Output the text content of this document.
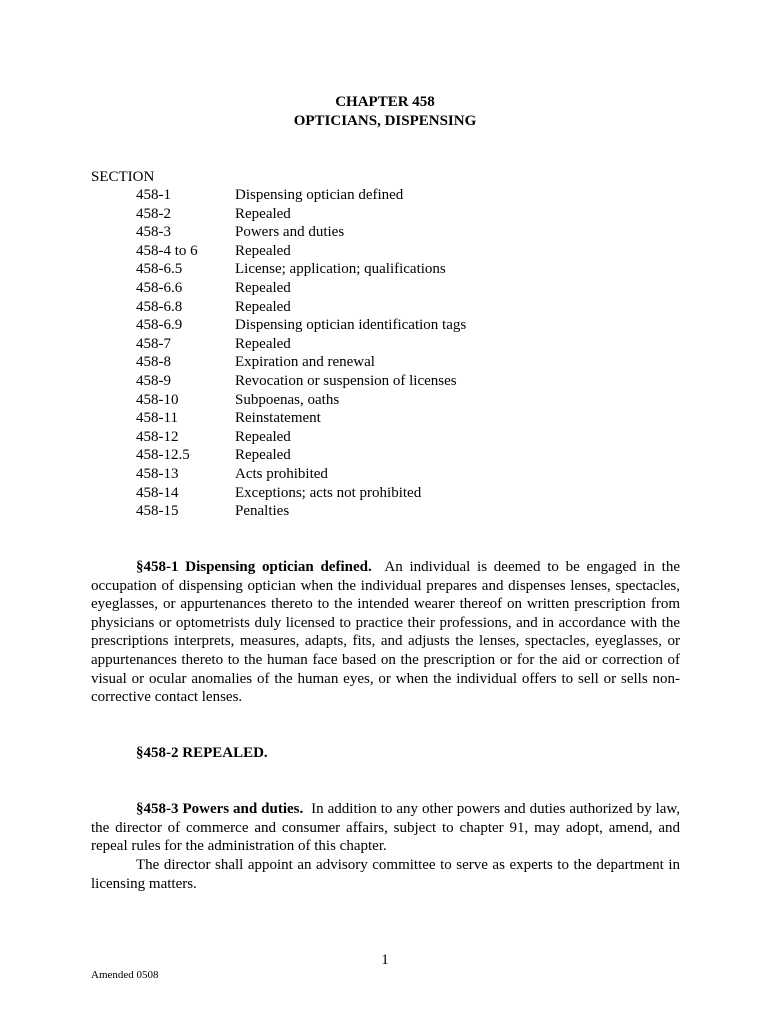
CHAPTER 458
OPTICIANS, DISPENSING
SECTION
458-1	Dispensing optician defined
458-2	Repealed
458-3	Powers and duties
458-4 to 6	Repealed
458-6.5	License; application; qualifications
458-6.6	Repealed
458-6.8	Repealed
458-6.9	Dispensing optician identification tags
458-7	Repealed
458-8	Expiration and renewal
458-9	Revocation or suspension of licenses
458-10	Subpoenas, oaths
458-11	Reinstatement
458-12	Repealed
458-12.5	Repealed
458-13	Acts prohibited
458-14	Exceptions; acts not prohibited
458-15	Penalties

§458-1 Dispensing optician defined. An individual is deemed to be engaged in the occupation of dispensing optician when the individual prepares and dispenses lenses, spectacles, eyeglasses, or appurtenances thereto to the intended wearer thereof on written prescription from physicians or optometrists duly licensed to practice their professions, and in accordance with the prescriptions interprets, measures, adapts, fits, and adjusts the lenses, spectacles, eyeglasses, or appurtenances thereto to the human face based on the prescription or for the aid or correction of visual or ocular anomalies of the human eyes, or when the individual offers to sell or sells non-corrective contact lenses.

§458-2 REPEALED.

§458-3 Powers and duties. In addition to any other powers and duties authorized by law, the director of commerce and consumer affairs, subject to chapter 91, may adopt, amend, and repeal rules for the administration of this chapter.

The director shall appoint an advisory committee to serve as experts to the department in licensing matters.

1
Amended 0508
